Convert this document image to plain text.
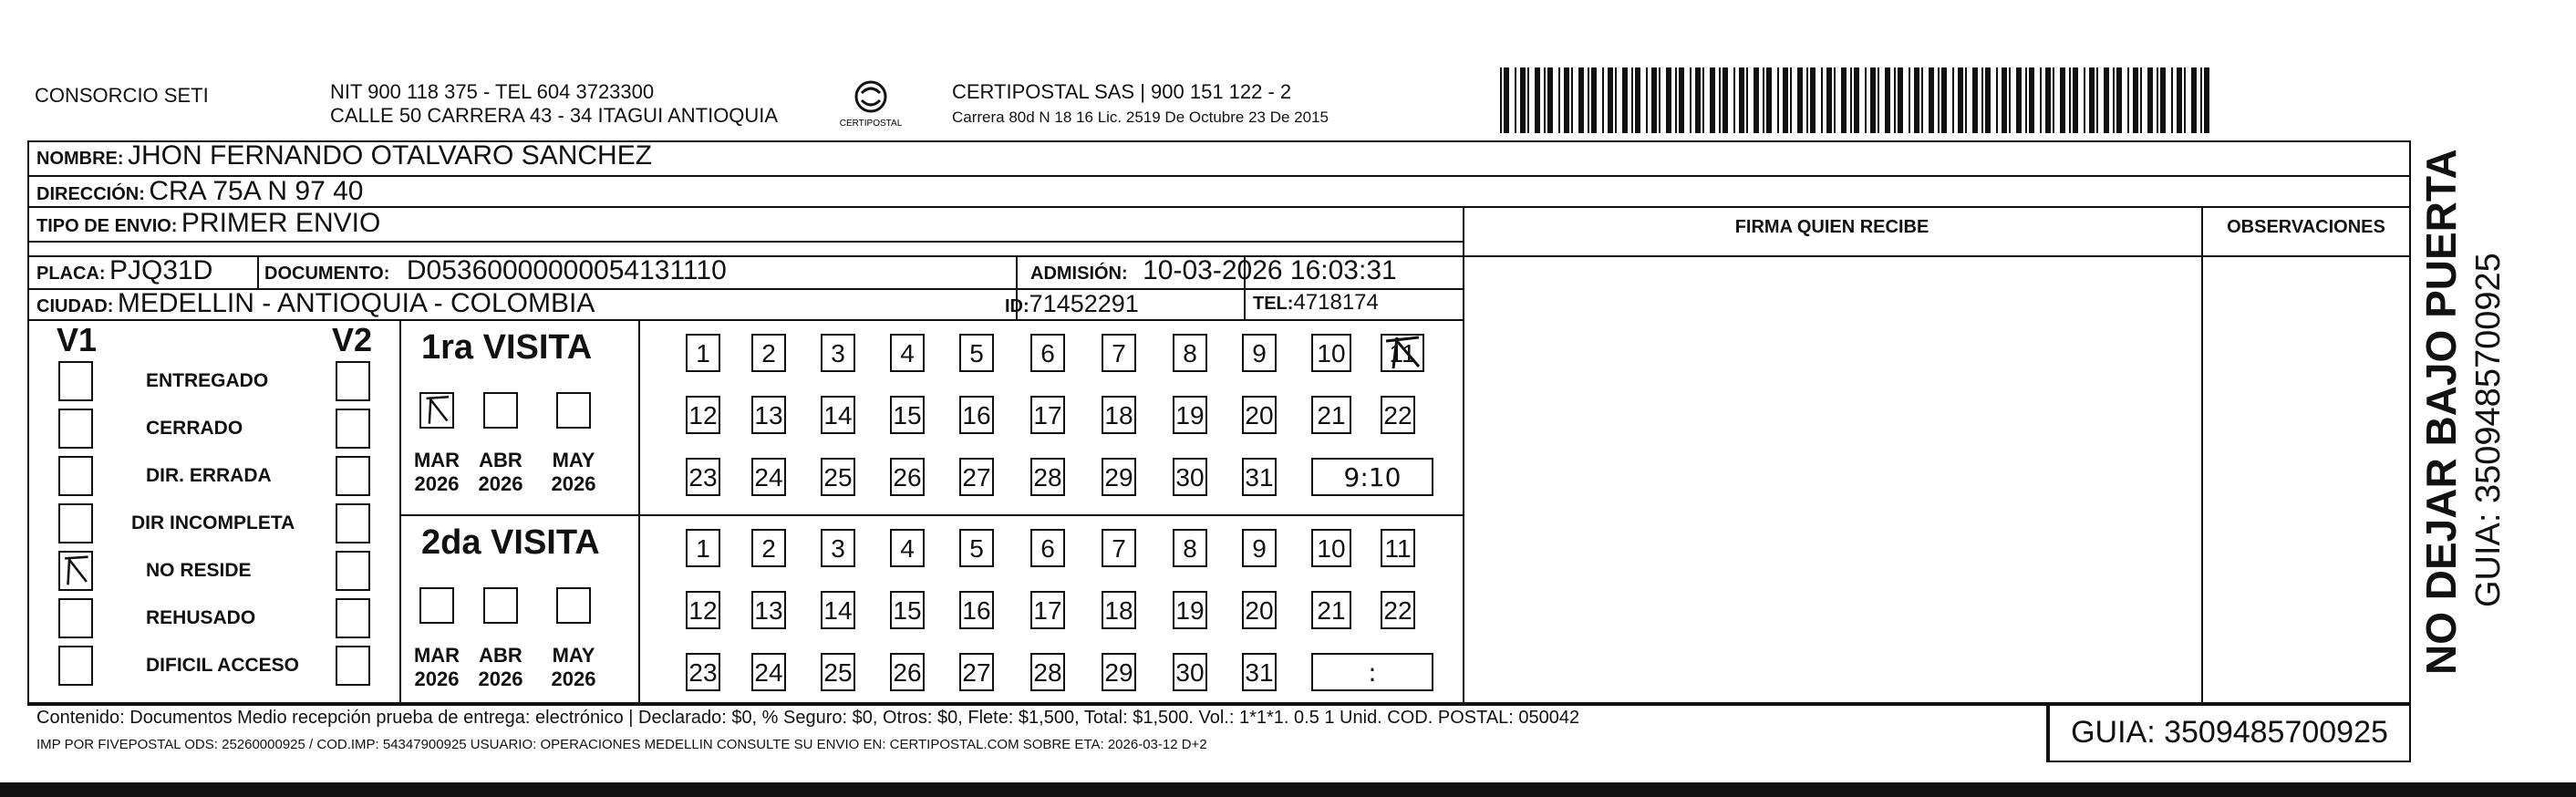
CONSORCIO SETI	NIT 900 118 375 - TEL 604 3723300
CALLE 50 CARRERA 43 - 34 ITAGUI ANTIOQUIA	CERTIPOSTAL
CERTIPOSTAL SAS | 900 151 122 - 2
Carrera 80d N 18 16 Lic. 2519 De Octubre 23 De 2015
NOMBRE: JHON FERNANDO OTALVARO SANCHEZ
DIRECCIÓN: CRA 75A N 97 40
TIPO DE ENVIO: PRIMER ENVIO
PLACA: PJQ31D	DOCUMENTO: D05360000000054131110	ADMISIÓN: 10-03-2026 16:03:31
CIUDAD: MEDELLIN - ANTIOQUIA - COLOMBIA	ID:71452291	TEL:4718174
FIRMA QUIEN RECIBE	OBSERVACIONES
V1	V2
ENTREGADO
CERRADO
DIR. ERRADA
DIR INCOMPLETA
NO RESIDE
REHUSADO
DIFICIL ACCESO
1ra VISITA
MAR
2026
ABR
2026
MAY
2026
1	2	3	4	5	6	7	8	9	10	11
12 13 14 15 16 17 18 19 20 21 22
23 24 25 26 27 28 29 30 31	9:10
2da VISITA
MAR
2026
ABR
2026
MAY
2026
1	2	3	4	5	6	7	8	9	10 11
12 13 14 15 16 17 18 19 20 21 22
23 24 25 26 27 28 29 30 31	:
Contenido: Documentos Medio recepción prueba de entrega: electrónico | Declarado: $0, % Seguro: $0, Otros: $0, Flete: $1,500, Total: $1,500. Vol.: 1*1*1. 0.5 1 Unid. COD. POSTAL: 050042
IMP POR FIVEPOSTAL ODS: 25260000925 / COD.IMP: 54347900925 USUARIO: OPERACIONES MEDELLIN CONSULTE SU ENVIO EN: CERTIPOSTAL.COM SOBRE ETA: 2026-03-12 D+2	GUIA: 3509485700925
NO DEJAR BAJO PUERTA GUIA: 3509485700925
